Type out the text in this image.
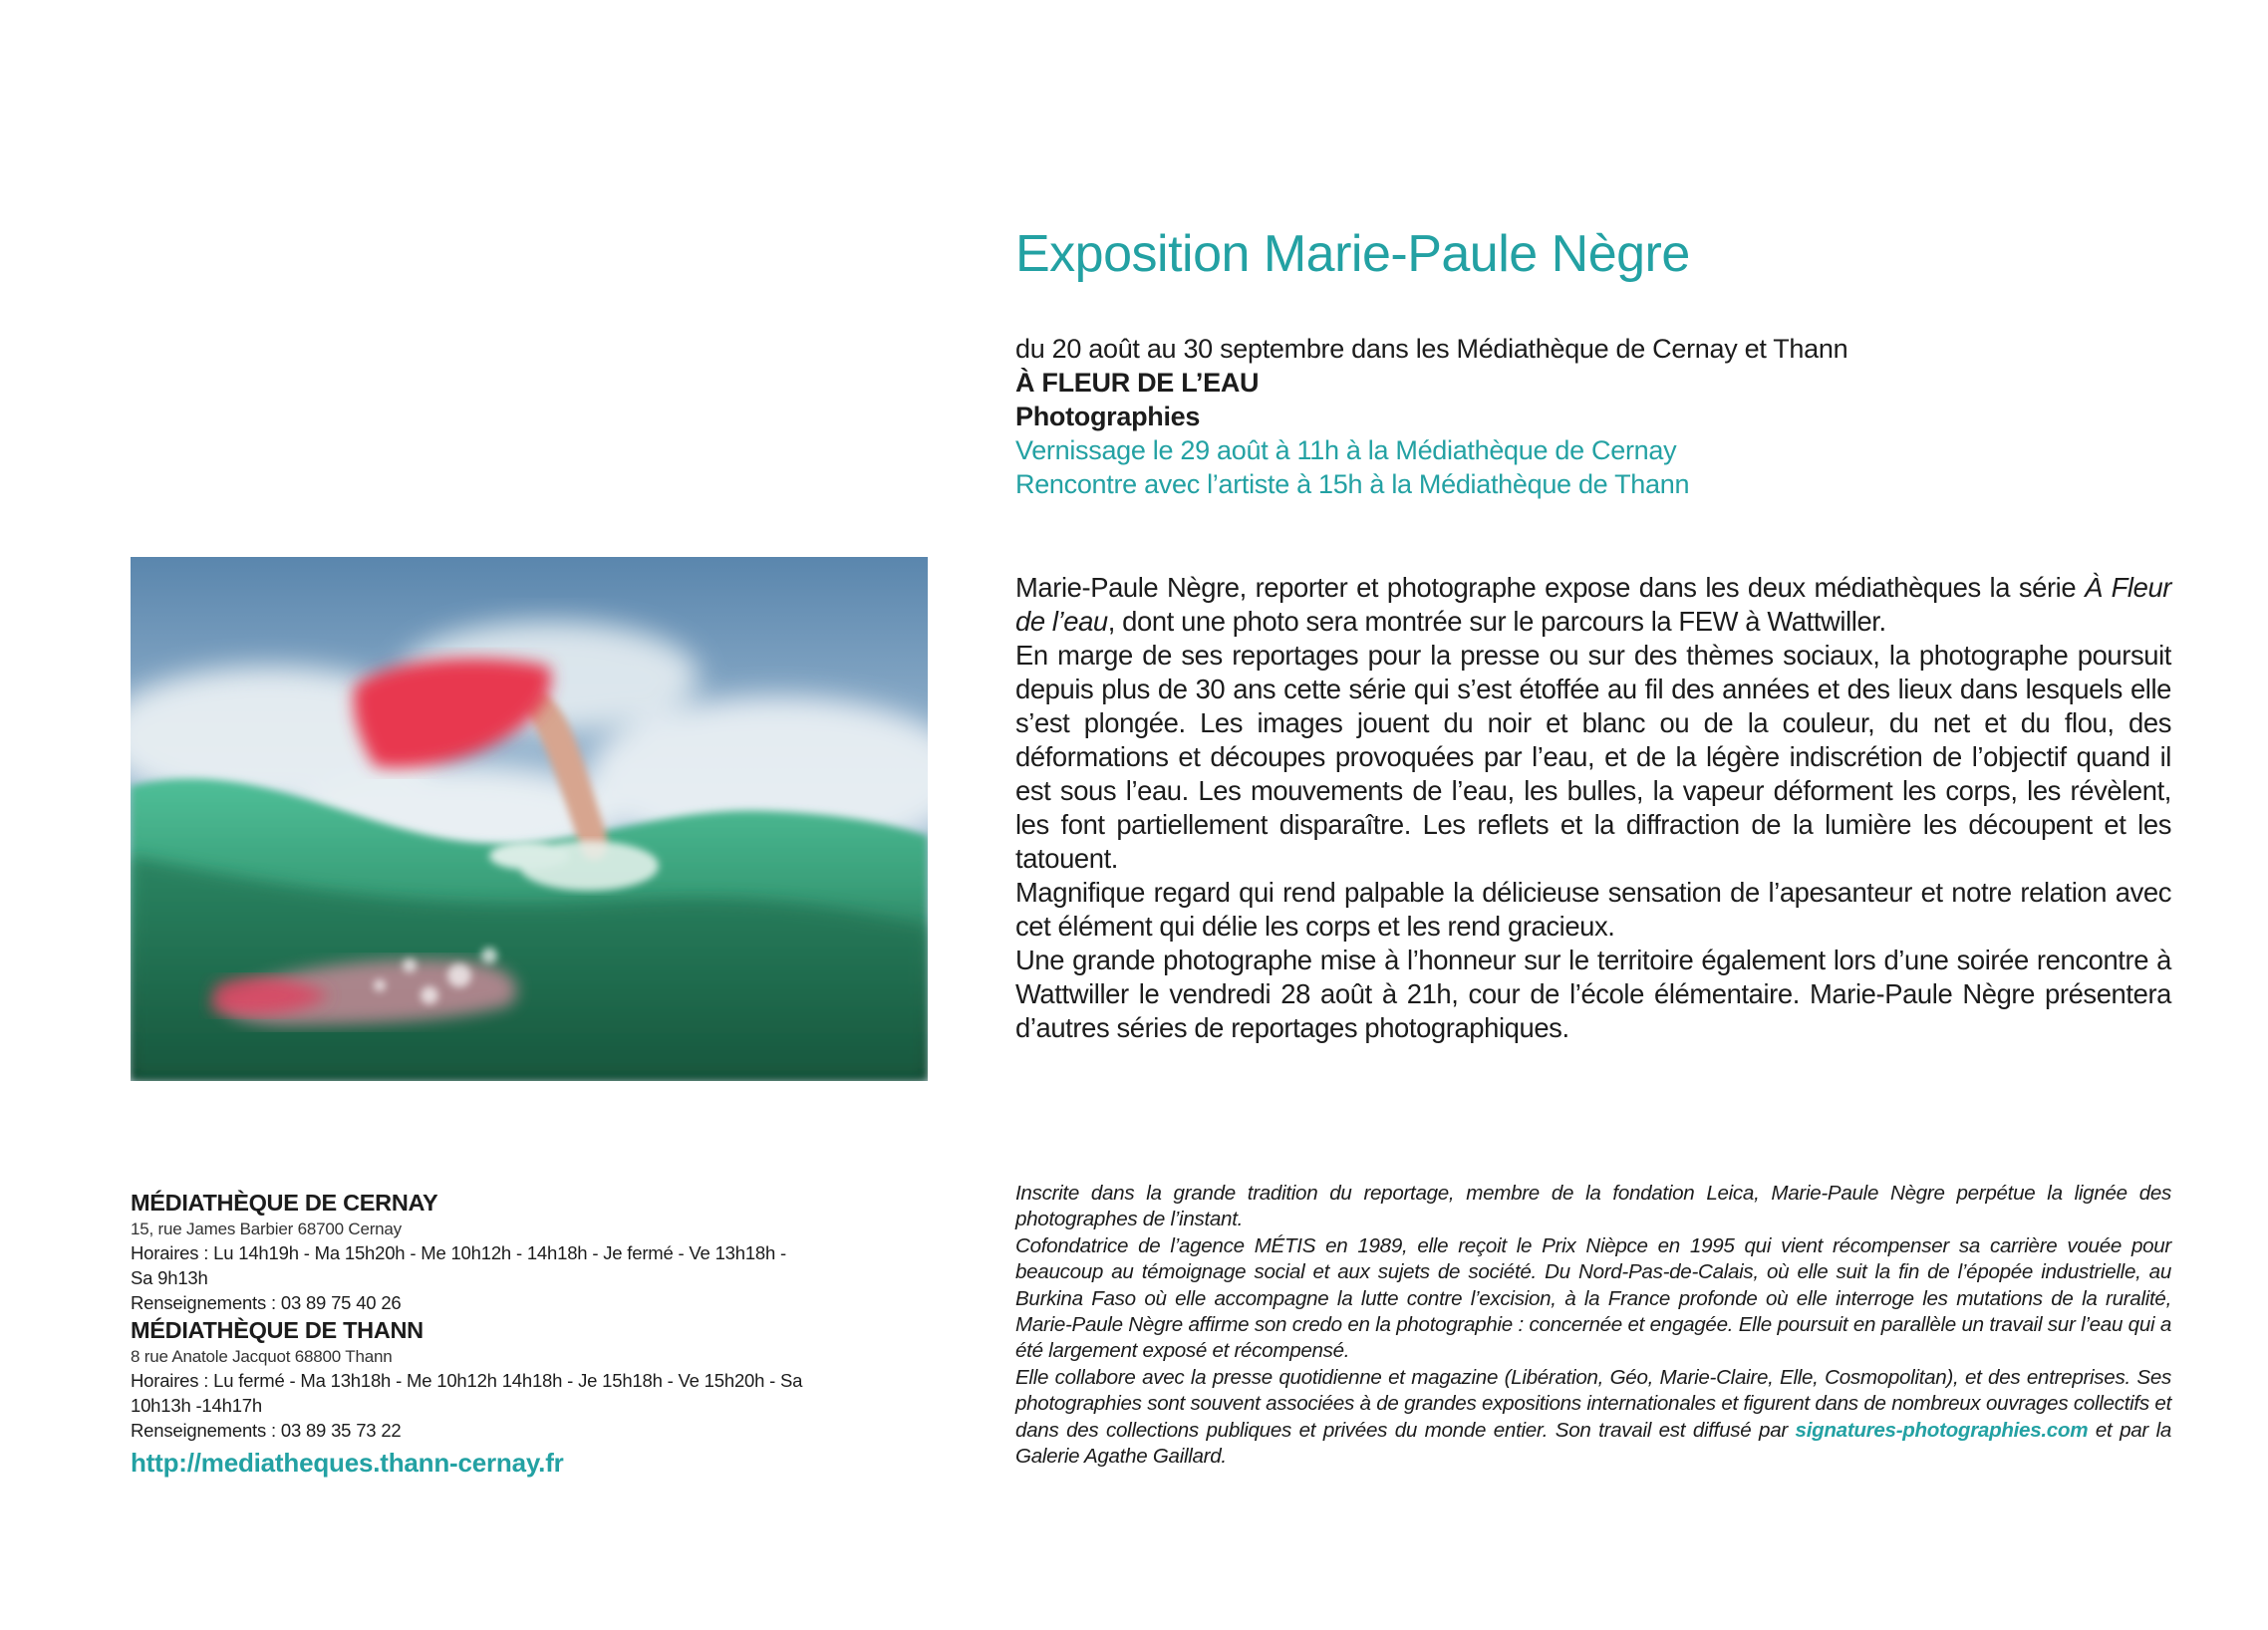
Exposition Marie-Paule Nègre
du 20 août au 30 septembre dans les Médiathèque de Cernay et Thann
À FLEUR DE L’EAU
Photographies
Vernissage le 29 août à 11h à la Médiathèque de Cernay
Rencontre avec l’artiste à 15h à la Médiathèque de Thann

Marie-Paule Nègre, reporter et photographe expose dans les deux médiathèques la série À Fleur de l’eau, dont une photo sera montrée sur le parcours la FEW à Wattwiller.

En marge de ses reportages pour la presse ou sur des thèmes sociaux, la photographe poursuit depuis plus de 30 ans cette série qui s’est étoffée au fil des années et des lieux dans lesquels elle s’est plongée. Les images jouent du noir et blanc ou de la couleur, du net et du flou, des déformations et découpes provoquées par l’eau, et de la légère indiscrétion de l’objectif quand il est sous l’eau. Les mouvements de l’eau, les bulles, la vapeur déforment les corps, les révèlent, les font partiellement disparaître. Les reflets et la diffraction de la lumière les découpent et les tatouent.

Magnifique regard qui rend palpable la délicieuse sensation de l’apesanteur et notre relation avec cet élément qui délie les corps et les rend gracieux.

Une grande photographe mise à l’honneur sur le territoire également lors d’une soirée rencontre à Wattwiller le vendredi 28 août à 21h, cour de l’école élémentaire. Marie-Paule Nègre présentera d’autres séries de reportages photographiques.

MÉDIATHÈQUE DE CERNAY
15, rue James Barbier 68700 Cernay
Horaires : Lu 14h19h - Ma 15h20h - Me 10h12h - 14h18h - Je fermé - Ve 13h18h - Sa 9h13h
Renseignements : 03 89 75 40 26
MÉDIATHÈQUE DE THANN
8 rue Anatole Jacquot 68800 Thann
Horaires : Lu fermé - Ma 13h18h - Me 10h12h 14h18h - Je 15h18h - Ve 15h20h - Sa 10h13h -14h17h
Renseignements : 03 89 35 73 22
http://mediatheques.thann-cernay.fr

Inscrite dans la grande tradition du reportage, membre de la fondation Leica, Marie-Paule Nègre perpétue la lignée des photographes de l’instant.

Cofondatrice de l’agence MÉTIS en 1989, elle reçoit le Prix Nièpce en 1995 qui vient récompenser sa carrière vouée pour beaucoup au témoignage social et aux sujets de société. Du Nord-Pas-de-Calais, où elle suit la fin de l’épopée industrielle, au Burkina Faso où elle accompagne la lutte contre l’excision, à la France profonde où elle interroge les mutations de la ruralité, Marie-Paule Nègre affirme son credo en la photographie : concernée et engagée. Elle poursuit en parallèle un travail sur l’eau qui a été largement exposé et récompensé.

Elle collabore avec la presse quotidienne et magazine (Libération, Géo, Marie-Claire, Elle, Cosmopolitan), et des entreprises. Ses photographies sont souvent associées à de grandes expositions internationales et figurent dans de nombreux ouvrages collectifs et dans des collections publiques et privées du monde entier. Son travail est diffusé par signatures-photographies.com et par la Galerie Agathe Gaillard.
